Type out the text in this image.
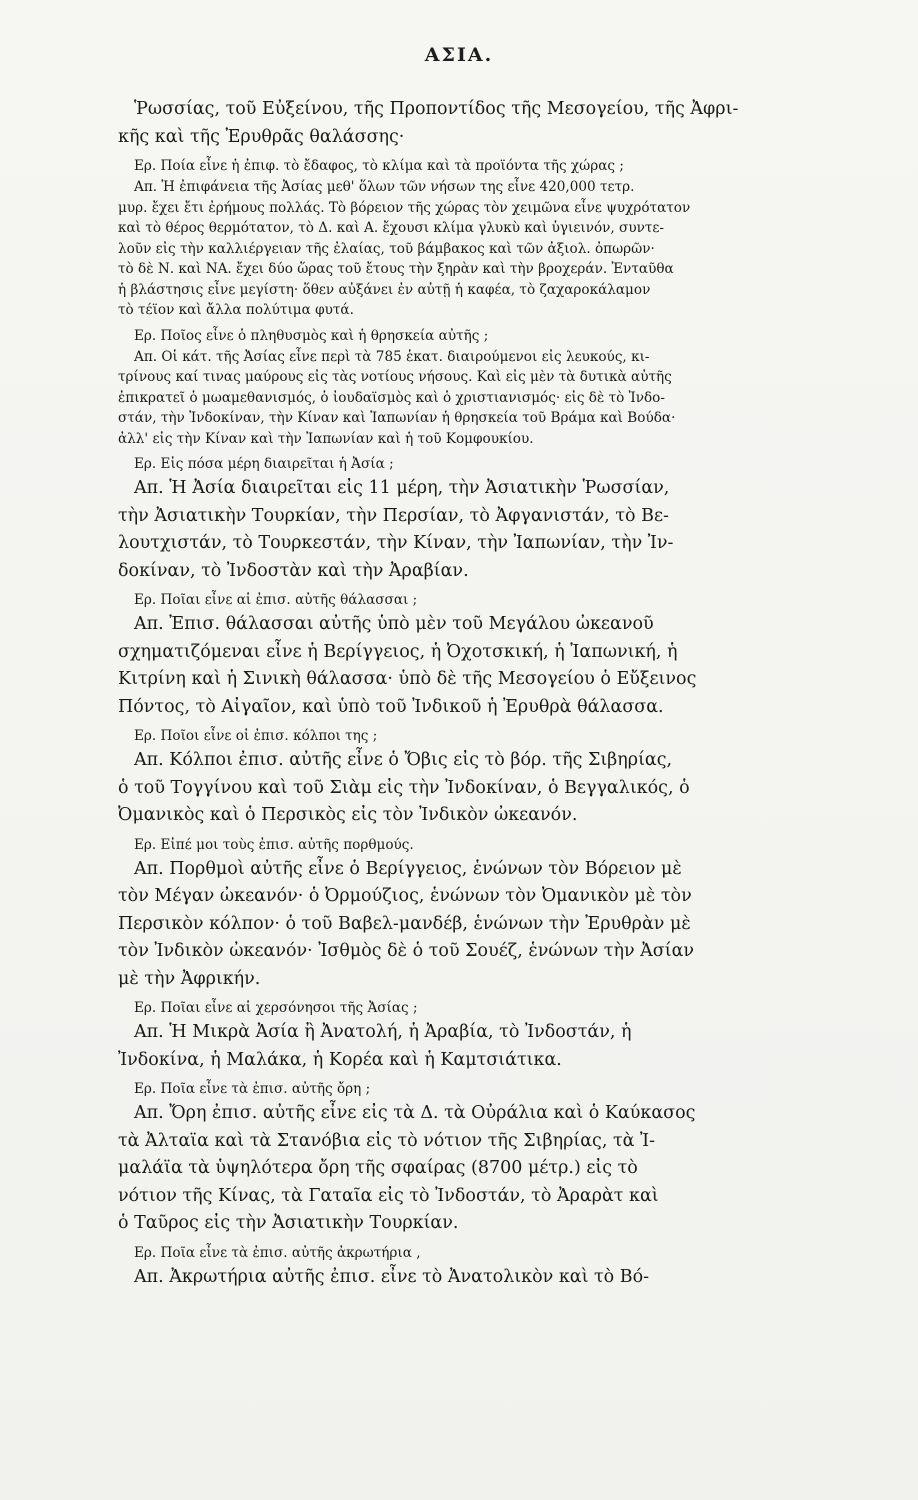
ΑΣΙΑ.
Ῥωσσίας, τοῦ Εὐξείνου, τῆς Προποντίδος τῆς Μεσογείου, τῆς Ἀφρι-
κῆς καὶ τῆς Ἐρυθρᾶς θαλάσσης·
Ερ. Ποία εἶνε ἡ ἐπιφ. τὸ ἔδαφος, τὸ κλίμα καὶ τὰ προϊόντα τῆς χώρας ;
Απ. Ἡ ἐπιφάνεια τῆς Ἀσίας μεθ' ὅλων τῶν νήσων της εἶνε 420,000 τετρ.
μυρ. ἔχει ἔτι ἐρήμους πολλάς. Τὸ βόρειον τῆς χώρας τὸν χειμῶνα εἶνε ψυχρότατον
καὶ τὸ θέρος θερμότατον, τὸ Δ. καὶ Α. ἔχουσι κλίμα γλυκὺ καὶ ὑγιεινόν, συντε-
λοῦν εἰς τὴν καλλιέργειαν τῆς ἐλαίας, τοῦ βάμβακος καὶ τῶν ἀξιολ. ὀπωρῶν·
τὸ δὲ Ν. καὶ ΝΑ. ἔχει δύο ὥρας τοῦ ἔτους τὴν ξηρὰν καὶ τὴν βροχεράν. Ἐνταῦθα
ἡ βλάστησις εἶνε μεγίστη· ὅθεν αὐξάνει ἐν αὐτῇ ἡ καφέα, τὸ ζαχαροκάλαμον
τὸ τέϊον καὶ ἄλλα πολύτιμα φυτά.
Ερ. Ποῖος εἶνε ὁ πληθυσμὸς καὶ ἡ θρησκεία αὐτῆς ;
Απ. Οἱ κάτ. τῆς Ἀσίας εἶνε περὶ τὰ 785 ἑκατ. διαιρούμενοι εἰς λευκούς, κι-
τρίνους καί τινας μαύρους εἰς τὰς νοτίους νήσους. Καὶ εἰς μὲν τὰ δυτικὰ αὐτῆς
ἐπικρατεῖ ὁ μωαμεθανισμός, ὁ ἰουδαϊσμὸς καὶ ὁ χριστιανισμός· εἰς δὲ τὸ Ἰνδο-
στάν, τὴν Ἰνδοκίναν, τὴν Κίναν καὶ Ἰαπωνίαν ἡ θρησκεία τοῦ Βράμα καὶ Βούδα·
ἀλλ' εἰς τὴν Κίναν καὶ τὴν Ἰαπωνίαν καὶ ἡ τοῦ Κομφουκίου.
Ερ. Εἰς πόσα μέρη διαιρεῖται ἡ Ἀσία ;
Απ. Ἡ Ἀσία διαιρεῖται εἰς 11 μέρη, τὴν Ἀσιατικὴν Ῥωσσίαν,
τὴν Ἀσιατικὴν Τουρκίαν, τὴν Περσίαν, τὸ Ἀφγανιστάν, τὸ Βε-
λουτχιστάν, τὸ Τουρκεστάν, τὴν Κίναν, τὴν Ἰαπωνίαν, τὴν Ἰν-
δοκίναν, τὸ Ἰνδοστὰν καὶ τὴν Ἀραβίαν.
Ερ. Ποῖαι εἶνε αἱ ἐπισ. αὐτῆς θάλασσαι ;
Απ. Ἐπισ. θάλασσαι αὐτῆς ὑπὸ μὲν τοῦ Μεγάλου ὠκεανοῦ
σχηματιζόμεναι εἶνε ἡ Βερίγγειος, ἡ Ὀχοτσκική, ἡ Ἰαπωνική, ἡ
Κιτρίνη καὶ ἡ Σινικὴ θάλασσα· ὑπὸ δὲ τῆς Μεσογείου ὁ Εὔξεινος
Πόντος, τὸ Αἰγαῖον, καὶ ὑπὸ τοῦ Ἰνδικοῦ ἡ Ἐρυθρὰ θάλασσα.
Ερ. Ποῖοι εἶνε οἱ ἐπισ. κόλποι της ;
Απ. Κόλποι ἐπισ. αὐτῆς εἶνε ὁ Ὄβις εἰς τὸ βόρ. τῆς Σιβηρίας,
ὁ τοῦ Τογγίνου καὶ τοῦ Σιὰμ εἰς τὴν Ἰνδοκίναν, ὁ Βεγγαλικός, ὁ
Ὀμανικὸς καὶ ὁ Περσικὸς εἰς τὸν Ἰνδικὸν ὠκεανόν.
Ερ. Εἰπέ μοι τοὺς ἐπισ. αὐτῆς πορθμούς.
Απ. Πορθμοὶ αὐτῆς εἶνε ὁ Βερίγγειος, ἑνώνων τὸν Βόρειον μὲ
τὸν Μέγαν ὠκεανόν· ὁ Ὀρμούζιος, ἑνώνων τὸν Ὀμανικὸν μὲ τὸν
Περσικὸν κόλπον· ὁ τοῦ Βαβελ-μανδέβ, ἑνώνων τὴν Ἐρυθρὰν μὲ
τὸν Ἰνδικὸν ὠκεανόν· Ἰσθμὸς δὲ ὁ τοῦ Σουέζ, ἑνώνων τὴν Ἀσίαν
μὲ τὴν Ἀφρικήν.
Ερ. Ποῖαι εἶνε αἱ χερσόνησοι τῆς Ἀσίας ;
Απ. Ἡ Μικρὰ Ἀσία ἢ Ἀνατολή, ἡ Ἀραβία, τὸ Ἰνδοστάν, ἡ
Ἰνδοκίνα, ἡ Μαλάκα, ἡ Κορέα καὶ ἡ Καμτσιάτικα.
Ερ. Ποῖα εἶνε τὰ ἐπισ. αὐτῆς ὄρη ;
Απ. Ὄρη ἐπισ. αὐτῆς εἶνε εἰς τὰ Δ. τὰ Οὐράλια καὶ ὁ Καύκασος
τὰ Ἀλταϊα καὶ τὰ Στανόβια εἰς τὸ νότιον τῆς Σιβηρίας, τὰ Ἰ-
μαλάϊα τὰ ὑψηλότερα ὄρη τῆς σφαίρας (8700 μέτρ.) εἰς τὸ
νότιον τῆς Κίνας, τὰ Γαταῖα εἰς τὸ Ἰνδοστάν, τὸ Ἀραρὰτ καὶ
ὁ Ταῦρος εἰς τὴν Ἀσιατικὴν Τουρκίαν.
Ερ. Ποῖα εἶνε τὰ ἐπισ. αὐτῆς ἀκρωτήρια ,
Απ. Ἀκρωτήρια αὐτῆς ἐπισ. εἶνε τὸ Ἀνατολικὸν καὶ τὸ Βό-
